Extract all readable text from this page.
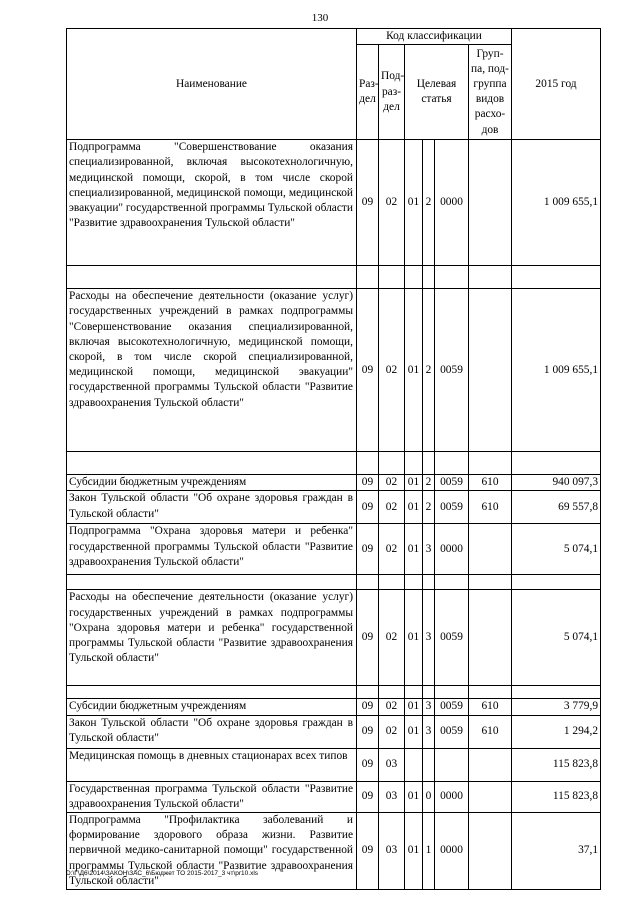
130
Наименование	Код классификации						2015 год
	Раз- дел	Под- раз- дел	Целевая статья			Груп- па, под- группа видов расхо- дов	
Подпрограмма "Совершенствование оказания специализированной, включая высокотехнологичную, медицинской помощи, скорой, в том числе скорой специализированной, медицинской помощи, медицинской эвакуации" государственной программы Тульской области "Развитие здравоохранения Тульской области"	09	02	01	2	0000		1 009 655,1

Расходы на обеспечение деятельности (оказание услуг) государственных учреждений в рамках подпрограммы "Совершенствование оказания специализированной, включая высокотехнологичную, медицинской помощи, скорой, в том числе скорой специализированной, медицинской помощи, медицинской эвакуации" государственной программы Тульской области "Развитие здравоохранения Тульской области"	09	02	01	2	0059		1 009 655,1

Субсидии бюджетным учреждениям	09	02	01	2	0059	610	940 097,3
Закон Тульской области "Об охране здоровья граждан в Тульской области"	09	02	01	2	0059	610	69 557,8
Подпрограмма "Охрана здоровья матери и ребенка" государственной программы Тульской области "Развитие здравоохранения Тульской области"	09	02	01	3	0000		5 074,1

Расходы на обеспечение деятельности (оказание услуг) государственных учреждений в рамках подпрограммы "Охрана здоровья матери и ребенка" государственной программы Тульской области "Развитие здравоохранения Тульской области"	09	02	01	3	0059		5 074,1

Субсидии бюджетным учреждениям	09	02	01	3	0059	610	3 779,9
Закон Тульской области "Об охране здоровья граждан в Тульской области"	09	02	01	3	0059	610	1 294,2
Медицинская помощь в дневных стационарах всех типов	09	03					115 823,8
Государственная программа Тульской области "Развитие здравоохранения Тульской области"	09	03	01	0	0000		115 823,8
Подпрограмма "Профилактика заболеваний и формирование здорового образа жизни. Развитие первичной медико-санитарной помощи" государственной программы Тульской области "Развитие здравоохранения Тульской области"	09	03	01	1	0000		37,1
D:\Г\Д6\2014\ЗАКОН\ЗАС_6\Бюджет ТО 2015-2017_3 чт\pr10.xls
